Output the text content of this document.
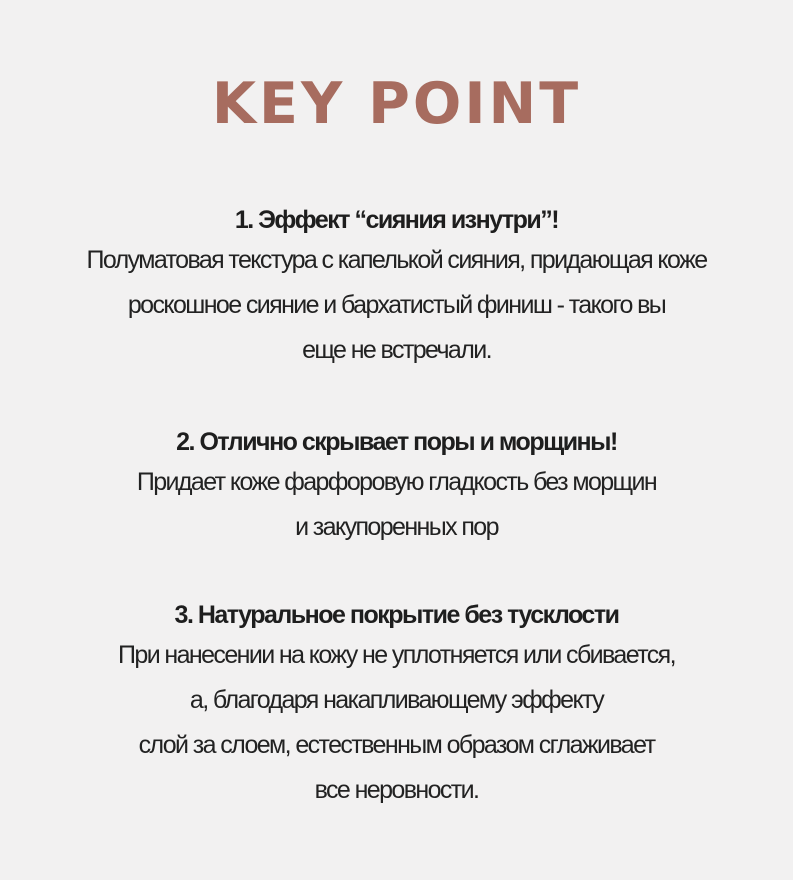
KEY POINT
1. Эффект “сияния изнутри”!

Полуматовая текстура с капелькой сияния, придающая коже
роскошное сияние и бархатистый финиш - такого вы
еще не встречали.

2. Отлично скрывает поры и морщины!

Придает коже фарфоровую гладкость без морщин
и закупоренных пор

3. Натуральное покрытие без тусклости

При нанесении на кожу не уплотняется или сбивается,
а, благодаря накапливающему эффекту
слой за слоем, естественным образом сглаживает
все неровности.
